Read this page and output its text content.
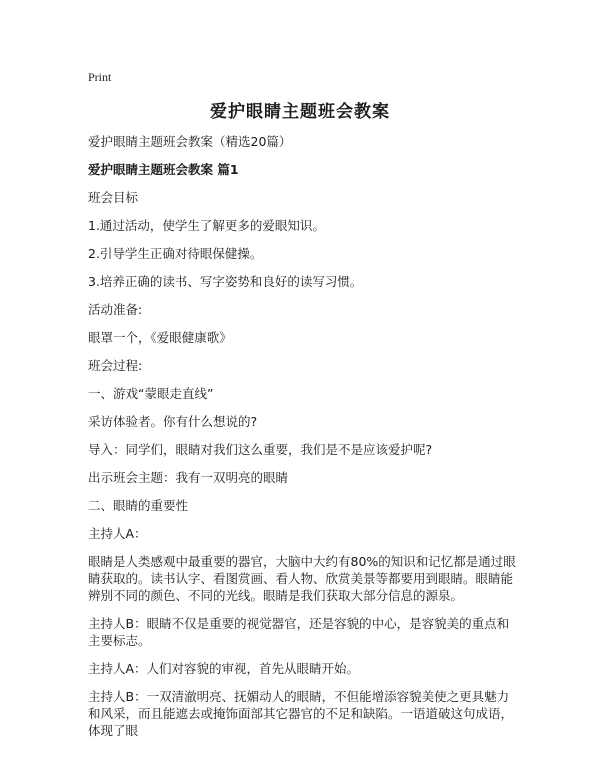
Print
爱护眼睛主题班会教案

爱护眼睛主题班会教案（精选20篇）

爱护眼睛主题班会教案 篇1

班会目标

1.通过活动，使学生了解更多的爱眼知识。

2.引导学生正确对待眼保健操。

3.培养正确的读书、写字姿势和良好的读写习惯。

活动准备:

眼罩一个，《爱眼健康歌》

班会过程:

一、游戏“蒙眼走直线”

采访体验者。你有什么想说的?

导入：同学们，眼睛对我们这么重要，我们是不是应该爱护呢?

出示班会主题：我有一双明亮的眼睛

二、眼睛的重要性

主持人A：

眼睛是人类感观中最重要的器官，大脑中大约有80%的知识和记忆都是通过眼睛获取的。读书认字、看图赏画、看人物、欣赏美景等都要用到眼睛。眼睛能辨别不同的颜色、不同的光线。眼睛是我们获取大部分信息的源泉。

主持人B：眼睛不仅是重要的视觉器官，还是容貌的中心，是容貌美的重点和主要标志。

主持人A：人们对容貌的审视，首先从眼睛开始。

主持人B：一双清澈明亮、抚媚动人的眼睛，不但能增添容貌美使之更具魅力和风采，而且能遮去或掩饰面部其它器官的不足和缺陷。一语道破这句成语，体现了眼
